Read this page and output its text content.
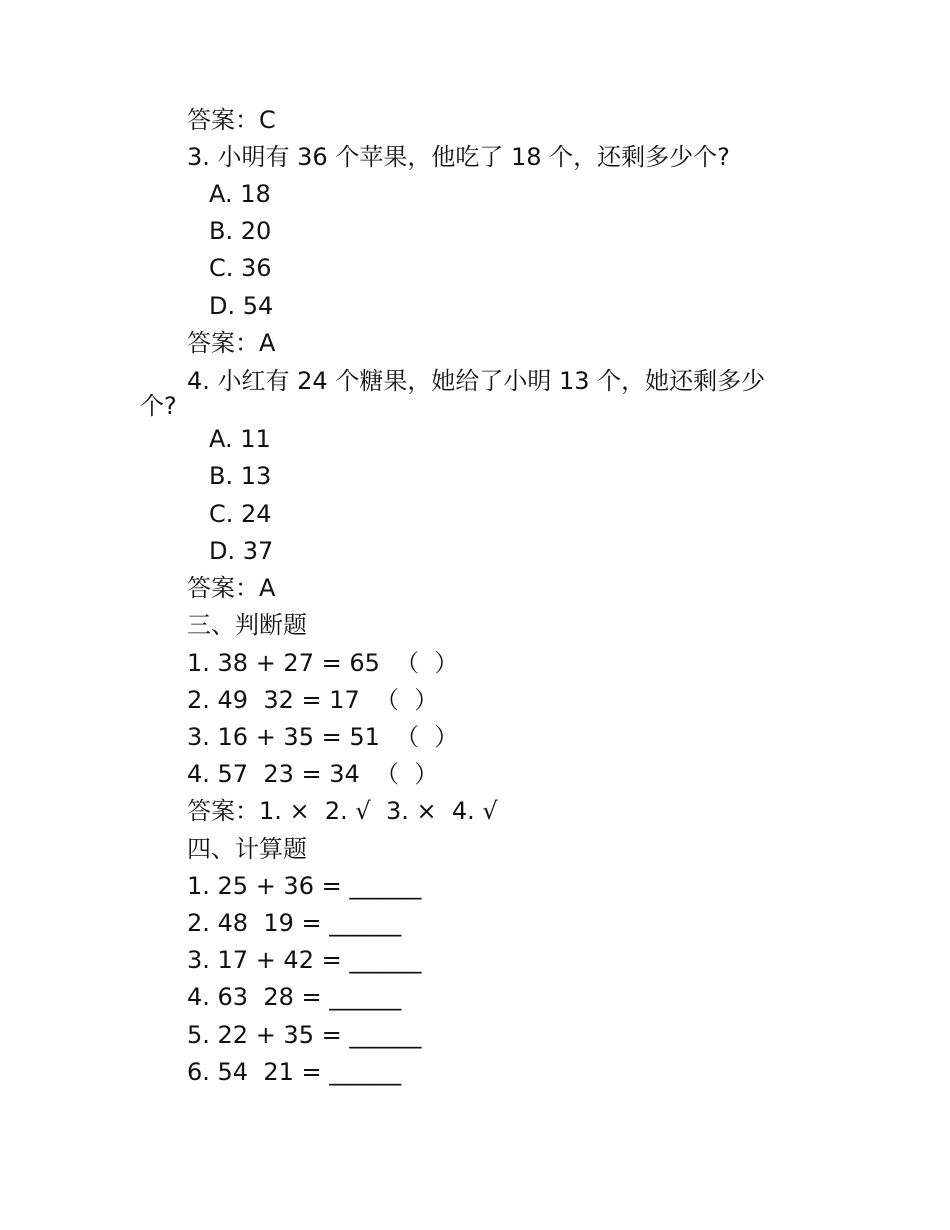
答案：C
3. 小明有 36 个苹果，他吃了 18 个，还剩多少个?
A. 18
B. 20
C. 36
D. 54
答案：A
4. 小红有 24 个糖果，她给了小明 13 个，她还剩多少个?
A. 11
B. 13
C. 24
D. 37
答案：A
三、判断题
1. 38 + 27 = 65  （  ）
2. 49  32 = 17  （  ）
3. 16 + 35 = 51  （  ）
4. 57  23 = 34  （  ）
答案：1. ×  2. √  3. ×  4. √
四、计算题
1. 25 + 36 = ______
2. 48  19 = ______
3. 17 + 42 = ______
4. 63  28 = ______
5. 22 + 35 = ______
6. 54  21 = ______
